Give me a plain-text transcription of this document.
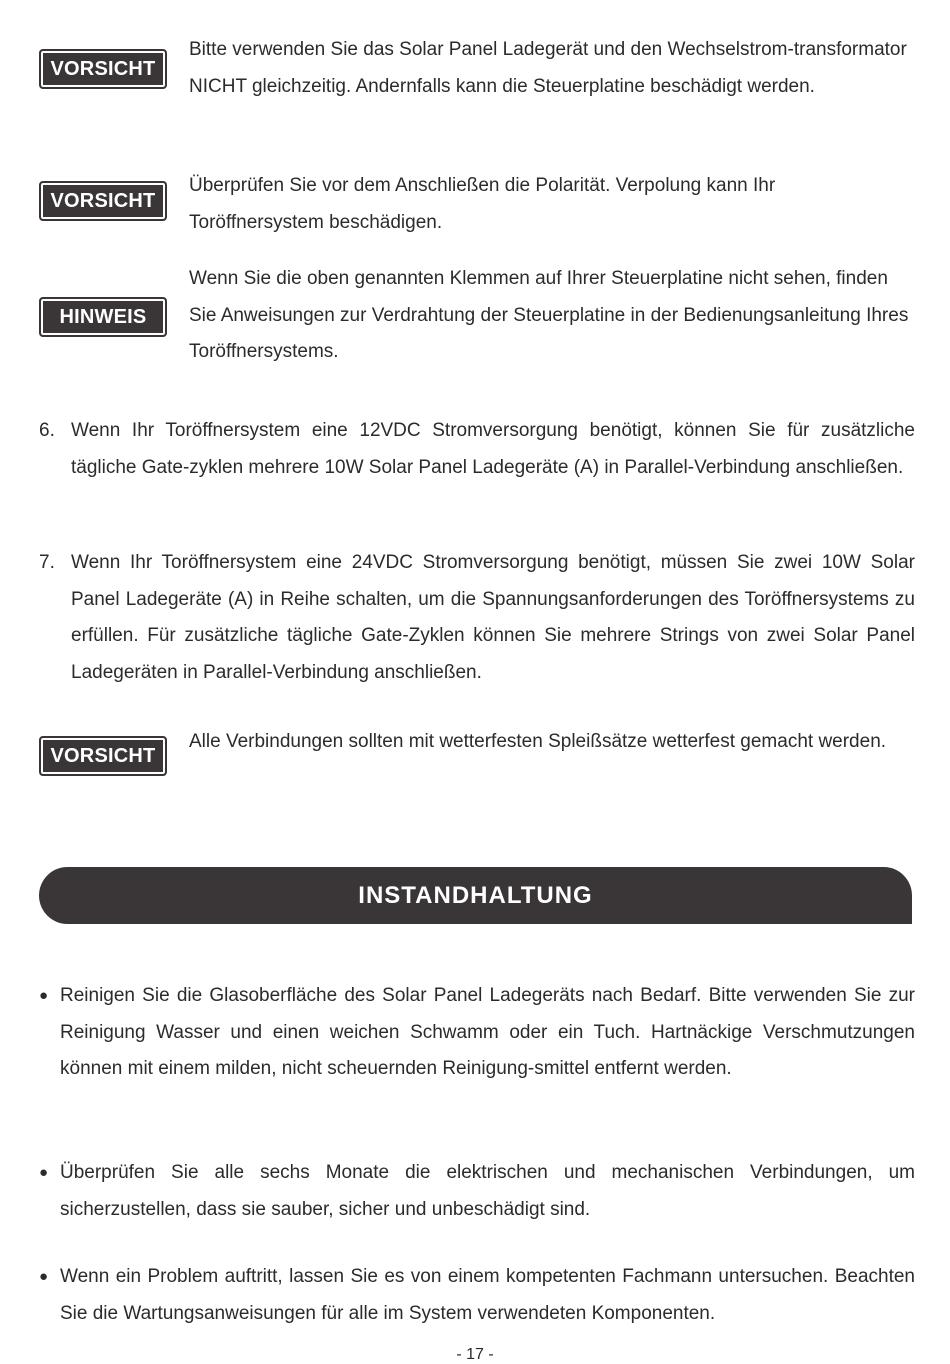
VORSICHT

Bitte verwenden Sie das Solar Panel Ladegerät und den Wechselstrom-transformator NICHT gleichzeitig. Andernfalls kann die Steuerplatine beschädigt werden.

VORSICHT

Überprüfen Sie vor dem Anschließen die Polarität. Verpolung kann Ihr Toröffnersystem beschädigen.

HINWEIS

Wenn Sie die oben genannten Klemmen auf Ihrer Steuerplatine nicht sehen, finden Sie Anweisungen zur Verdrahtung der Steuerplatine in der Bedienungsanleitung Ihres Toröffnersystems.

6. Wenn Ihr Toröffnersystem eine 12VDC Stromversorgung benötigt, können Sie für zusätzliche tägliche Gate-zyklen mehrere 10W Solar Panel Ladegeräte (A) in Parallel-Verbindung anschließen.
7. Wenn Ihr Toröffnersystem eine 24VDC Stromversorgung benötigt, müssen Sie zwei 10W Solar Panel Ladegeräte (A) in Reihe schalten, um die Spannungsanforderungen des Toröffnersystems zu erfüllen. Für zusätzliche tägliche Gate-Zyklen können Sie mehrere Strings von zwei Solar Panel Ladegeräten in Parallel-Verbindung anschließen.
VORSICHT

Alle Verbindungen sollten mit wetterfesten Spleißsätze wetterfest gemacht werden.

INSTANDHALTUNG
● Reinigen Sie die Glasoberfläche des Solar Panel Ladegeräts nach Bedarf. Bitte verwenden Sie zur Reinigung Wasser und einen weichen Schwamm oder ein Tuch. Hartnäckige Verschmutzungen können mit einem milden, nicht scheuernden Reinigung-smittel entfernt werden.
● Überprüfen Sie alle sechs Monate die elektrischen und mechanischen Verbindungen, um sicherzustellen, dass sie sauber, sicher und unbeschädigt sind.
● Wenn ein Problem auftritt, lassen Sie es von einem kompetenten Fachmann untersuchen. Beachten Sie die Wartungsanweisungen für alle im System verwendeten Komponenten.
- 17 -
